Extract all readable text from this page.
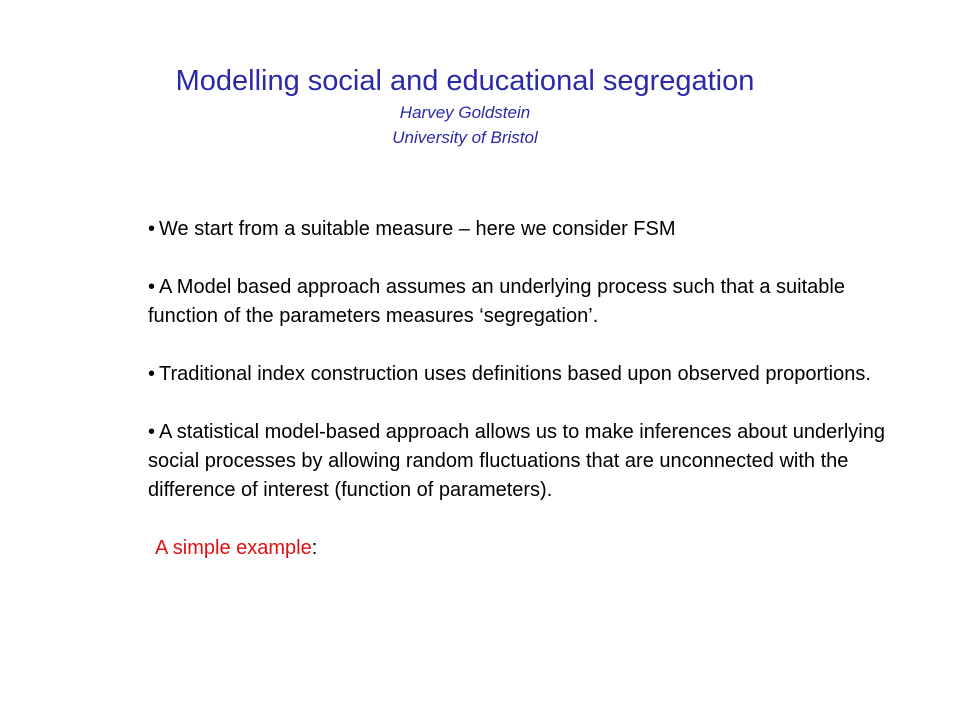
Modelling social and educational segregation
Harvey Goldstein
University of Bristol

• We start from a suitable measure – here we consider FSM

• A Model based approach assumes an underlying process such that a suitable function of the parameters measures ‘segregation’.

• Traditional index construction uses definitions based upon observed proportions.

• A statistical model-based approach allows us to make inferences about underlying social processes by allowing random fluctuations that are unconnected with the difference of interest (function of parameters).

A simple example:
